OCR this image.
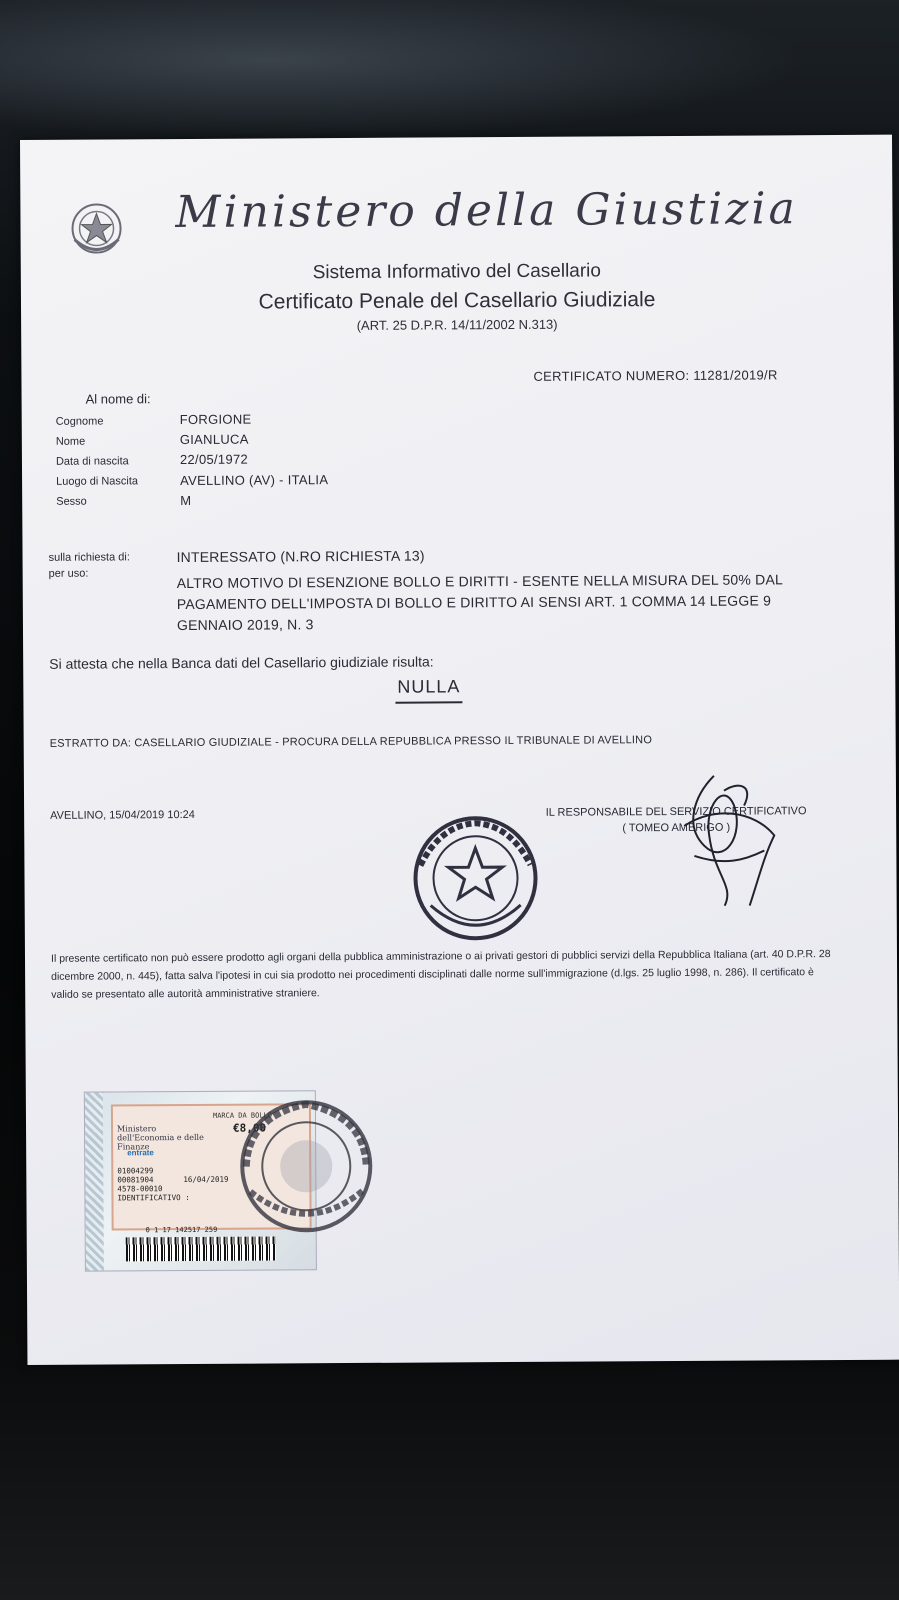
Ministero della Giustizia
Sistema Informativo del Casellario
Certificato Penale del Casellario Giudiziale
(ART. 25 D.P.R. 14/11/2002 N.313)
CERTIFICATO NUMERO: 11281/2019/R
Al nome di:
Cognome	FORGIONE
Nome	GIANLUCA
Data di nascita	22/05/1972
Luogo di Nascita	AVELLINO (AV) - ITALIA
Sesso	M
sulla richiesta di:	INTERESSATO (N.RO RICHIESTA 13)
per uso:	ALTRO MOTIVO DI ESENZIONE BOLLO E DIRITTI - ESENTE NELLA MISURA DEL 50% DAL PAGAMENTO DELL'IMPOSTA DI BOLLO E DIRITTO AI SENSI ART. 1 COMMA 14 LEGGE 9 GENNAIO 2019, N. 3
Si attesta che nella Banca dati del Casellario giudiziale risulta:
NULLA
ESTRATTO DA: CASELLARIO GIUDIZIALE - PROCURA DELLA REPUBBLICA PRESSO IL TRIBUNALE DI AVELLINO
AVELLINO, 15/04/2019 10:24	IL RESPONSABILE DEL SERVIZIO CERTIFICATIVO
( TOMEO AMERIGO )
Il presente certificato non può essere prodotto agli organi della pubblica amministrazione o ai privati gestori di pubblici servizi della Repubblica Italiana (art. 40 D.P.R. 28 dicembre 2000, n. 445), fatta salva l'ipotesi in cui sia prodotto nei procedimenti disciplinati dalle norme sull'immigrazione (d.lgs. 25 luglio 1998, n. 286). Il certificato è valido se presentato alle autorità amministrative straniere.
Ministero dell'Economia e delle Finanze
entrate
MARCA DA BOLLO
€8,00
01004299
00081904
4578-00010
IDENTIFICATIVO :
16/04/2019
0 1 17 142517 259
